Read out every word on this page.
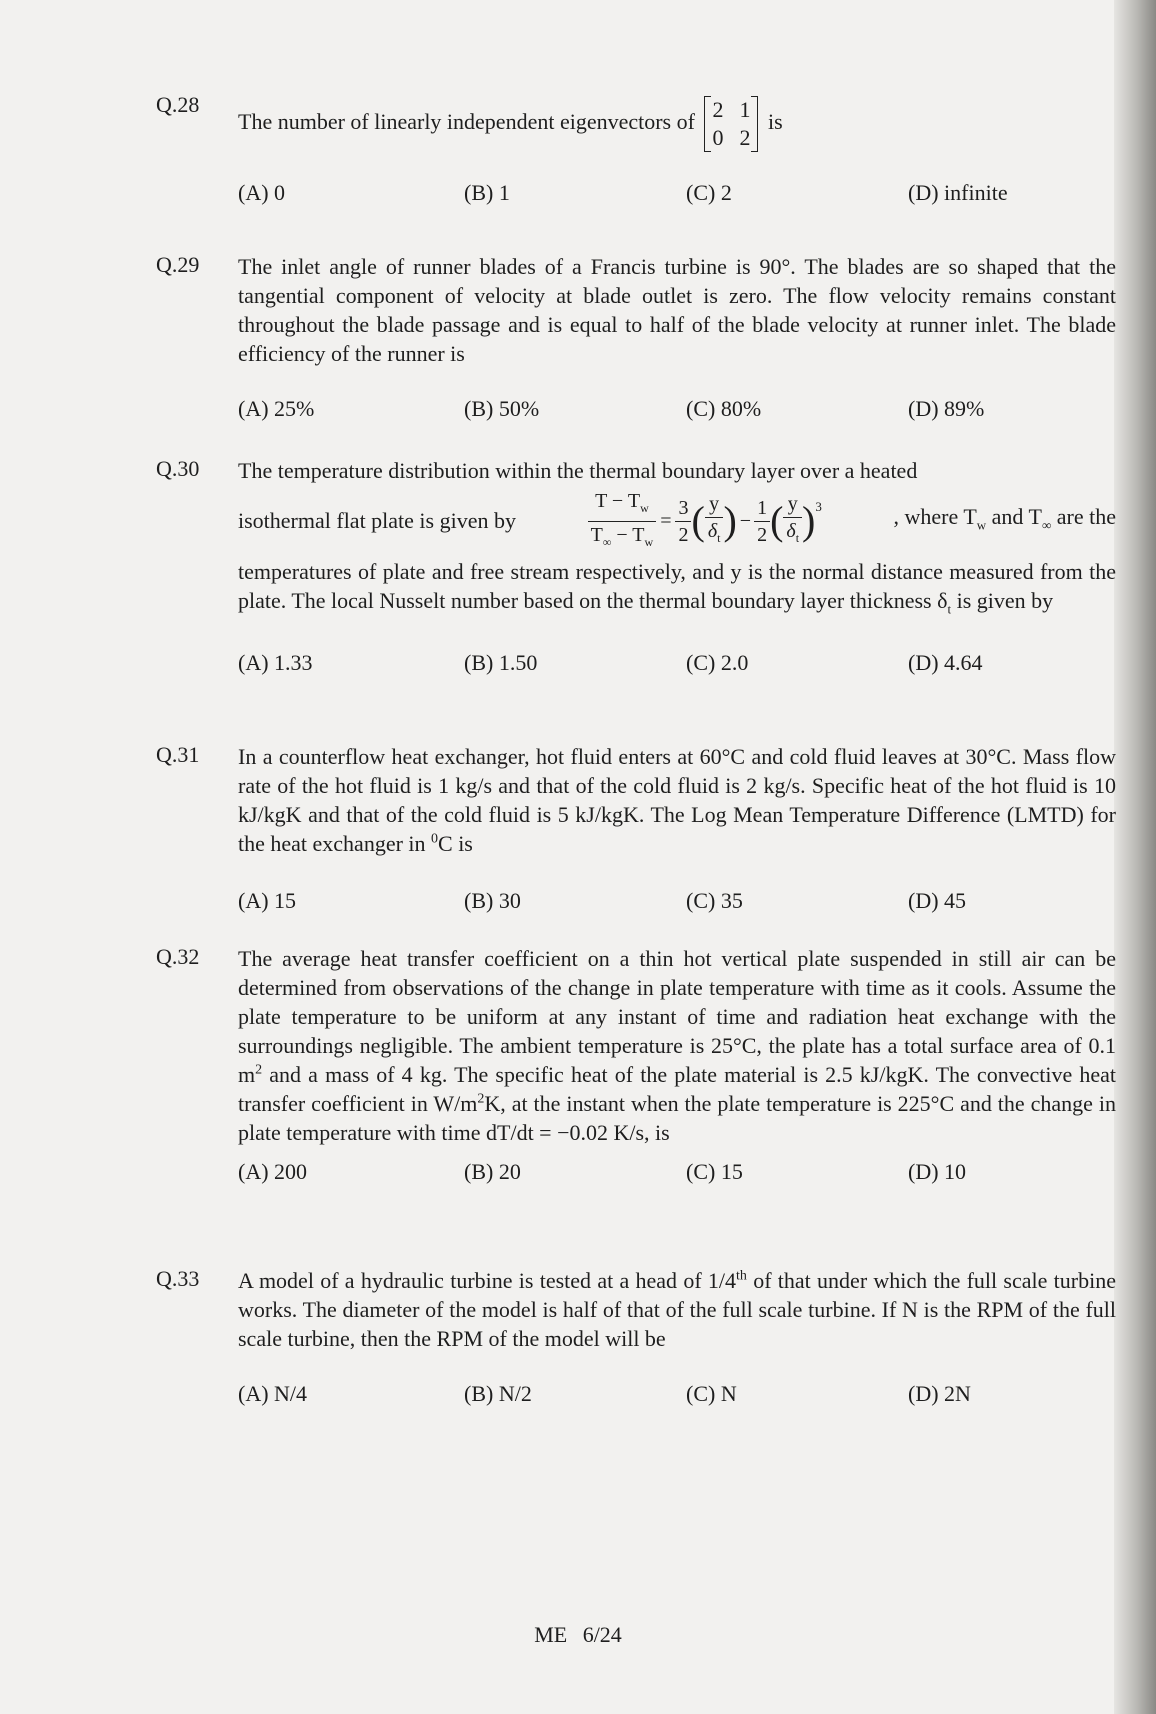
Q.28
The number of linearly independent eigenvectors of 2 1
0 2
is
(A) 0	(B) 1	(C) 2	(D) infinite
Q.29 The inlet angle of runner blades of a Francis turbine is 90°. The blades are so shaped that the tangential component of velocity at blade outlet is zero. The flow velocity remains constant throughout the blade passage and is equal to half of the blade velocity at runner inlet. The blade efficiency of the runner is
(A) 25%	(B) 50%	(C) 80%	(D) 89%
Q.30 The temperature distribution within the thermal boundary layer over a heated
isothermal flat plate is given by	$\frac{T - T_w}{T_\infty - T_w} = \frac{3}{2}$ ( $\frac{y}{\delta_t}$ ) − $\frac{1}{2}$ ( $\frac{y}{\delta_t} )^3$	, where $T_w$ and $T_\infty$ are the
temperatures of plate and free stream respectively, and y is the normal distance measured from the plate. The local Nusselt number based on the thermal boundary layer thickness $\delta_t$ is given by
(A) 1.33	(B) 1.50	(C) 2.0	(D) 4.64
Q.31 In a counterflow heat exchanger, hot fluid enters at 60°C and cold fluid leaves at 30°C. Mass flow rate of the hot fluid is 1 kg/s and that of the cold fluid is 2 kg/s. Specific heat of the hot fluid is 10 kJ/kgK and that of the cold fluid is 5 kJ/kgK. The Log Mean Temperature Difference (LMTD) for the heat exchanger in $^0$C is
(A) 15	(B) 30	(C) 35	(D) 45
Q.32 The average heat transfer coefficient on a thin hot vertical plate suspended in still air can be determined from observations of the change in plate temperature with time as it cools. Assume the plate temperature to be uniform at any instant of time and radiation heat exchange with the surroundings negligible. The ambient temperature is 25°C, the plate has a total surface area of 0.1 $m^2$ and a mass of 4 kg. The specific heat of the plate material is 2.5 kJ/kgK. The convective heat transfer coefficient in $W/m^2K$, at the instant when the plate temperature is 225°C and the change in plate temperature with time dT/dt = −0.02 K/s, is
(A) 200	(B) 20	(C) 15	(D) 10
Q.33 A model of a hydraulic turbine is tested at a head of 1/4th of that under which the full scale turbine works. The diameter of the model is half of that of the full scale turbine. If N is the RPM of the full scale turbine, then the RPM of the model will be
(A) N/4	(B) N/2	(C) N	(D) 2N
ME 6/24
